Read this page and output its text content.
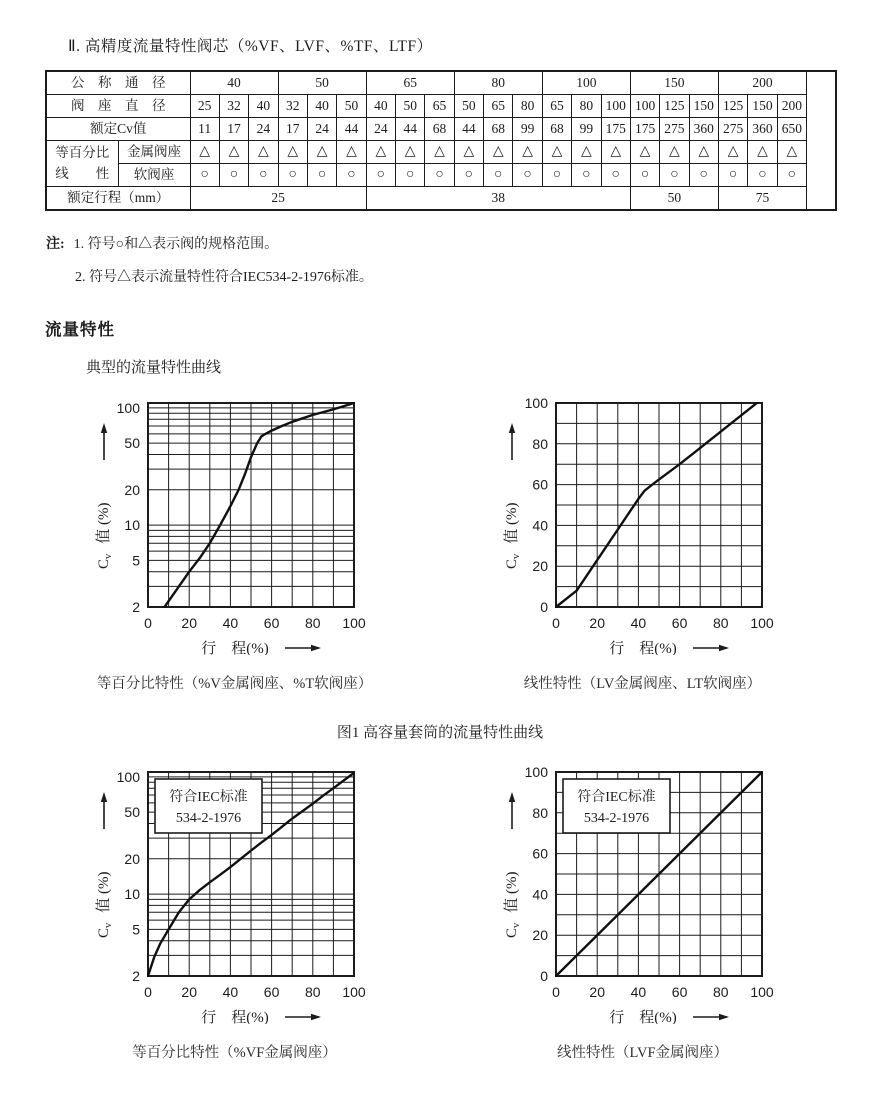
Ⅱ. 高精度流量特性阀芯（%VF、LVF、%TF、LTF）
公　称　通　径		40			50			65			80			100			150			200		
阀　座　直　径		25	32	40	32	40	50	40	50	65	50	65	80	65	80	100	100	125	150	125	150	200
额定Cv值		11	17	24	17	24	44	24	44	68	44	68	99	68	99	175	175	275	360	275	360	650

等百分比
线　　性	金属阀座	△	△	△	△	△	△	△	△	△	△	△	△	△	△	△	△	△	△	△	△	△
	软阀座	○	○	○	○	○	○	○	○	○	○	○	○	○	○	○	○	○	○	○	○	○
额定行程（mm）		25						38									50			75		
注: 1. 符号○和△表示阀的规格范围。
2. 符号△表示流量特性符合IEC534-2-1976标准。
流量特性
典型的流量特性曲线
0 20 40 60 80 100
2
5
10
20
50
100
$C_v$值 (%)
行　程(%)
等百分比特性（%V金属阀座、%T软阀座）
0 20 40 60 80 100
0
20
40
60
80
100
$C_v$值 (%)
行　程(%)
线性特性（LV金属阀座、LT软阀座）
图1 高容量套筒的流量特性曲线
0 20 40 60 80 100
2
5
10
20
50
100
$C_v$值 (%)
行　程(%)
符合IEC标准
534-2-1976
等百分比特性（%VF金属阀座）
0 20 40 60 80 100
0
20
40
60
80
100
$C_v$值 (%)
行　程(%)
符合IEC标准
534-2-1976
线性特性（LVF金属阀座）
